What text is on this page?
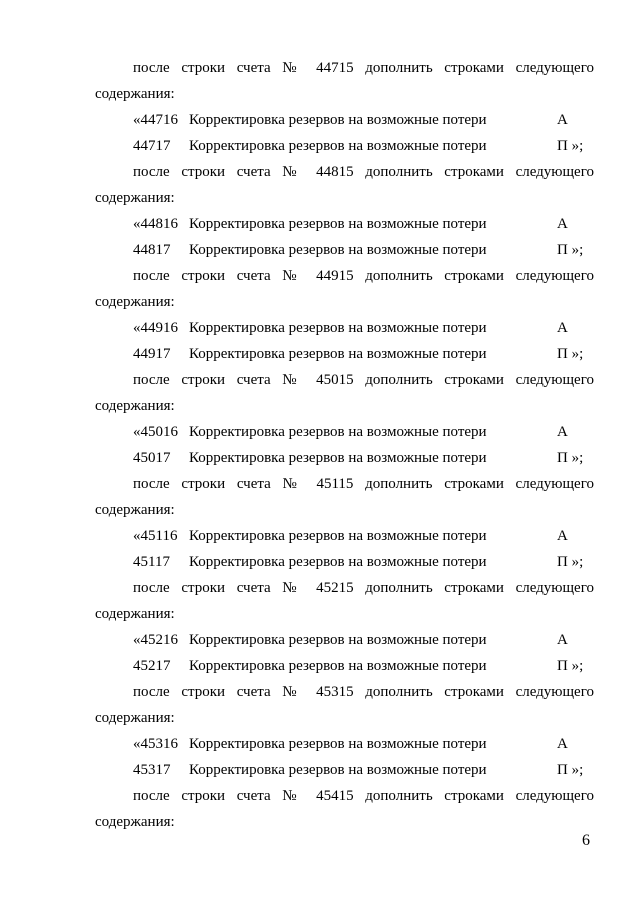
после строки счета № 44715 дополнить строками следующего
содержания:
«44716 Корректировка резервов на возможные потери	А
44717 Корректировка резервов на возможные потери	П »;
после строки счета № 44815 дополнить строками следующего
содержания:
«44816 Корректировка резервов на возможные потери	А
44817 Корректировка резервов на возможные потери	П »;
после строки счета № 44915 дополнить строками следующего
содержания:
«44916 Корректировка резервов на возможные потери	А
44917 Корректировка резервов на возможные потери	П »;
после строки счета № 45015 дополнить строками следующего
содержания:
«45016 Корректировка резервов на возможные потери	А
45017 Корректировка резервов на возможные потери	П »;
после строки счета № 45115 дополнить строками следующего
содержания:
«45116 Корректировка резервов на возможные потери	А
45117 Корректировка резервов на возможные потери	П »;
после строки счета № 45215 дополнить строками следующего
содержания:
«45216 Корректировка резервов на возможные потери	А
45217 Корректировка резервов на возможные потери	П »;
после строки счета № 45315 дополнить строками следующего
содержания:
«45316 Корректировка резервов на возможные потери	А
45317 Корректировка резервов на возможные потери	П »;
после строки счета № 45415 дополнить строками следующего
содержания:
6
